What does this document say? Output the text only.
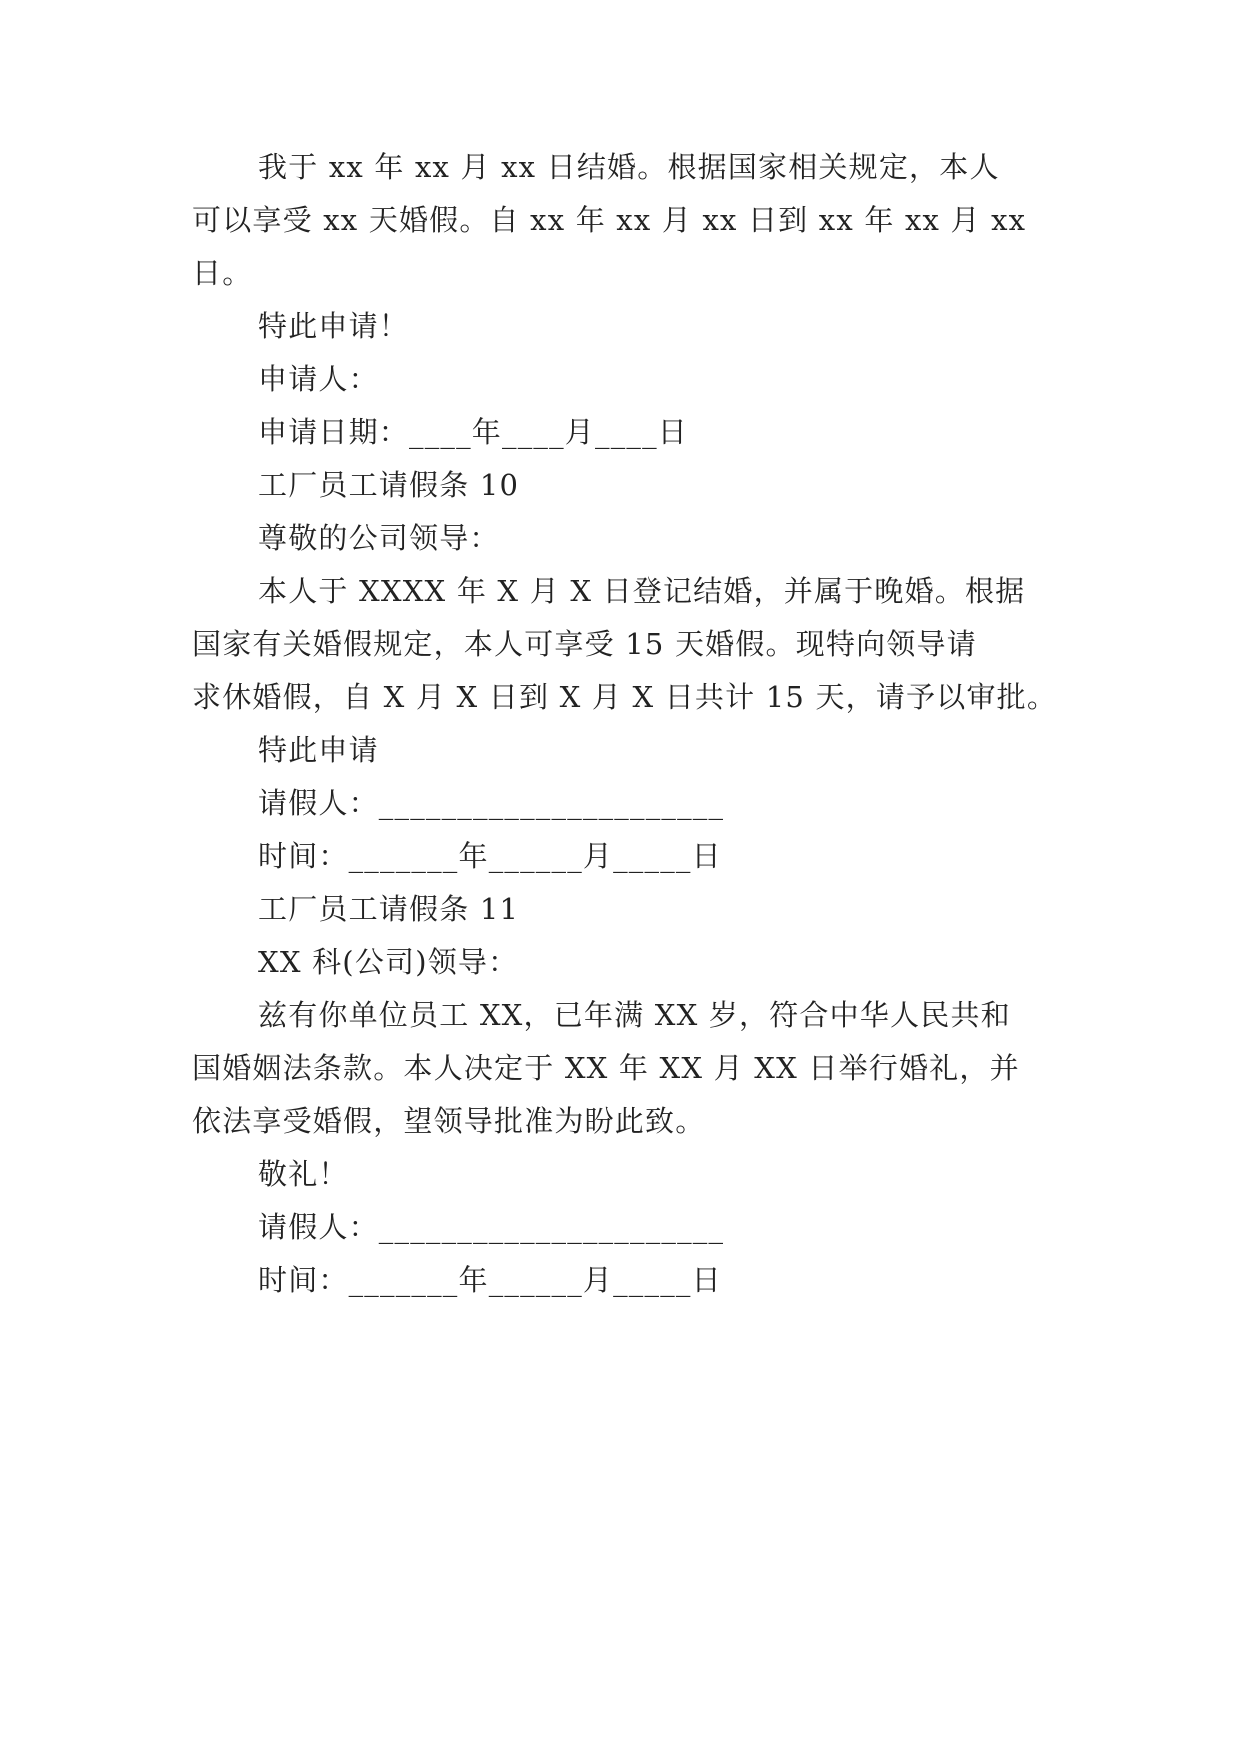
我于 xx 年 xx 月 xx 日结婚。根据国家相关规定，本人
可以享受 xx 天婚假。自 xx 年 xx 月 xx 日到 xx 年 xx 月 xx
日。
特此申请！
申请人：
申请日期：____年____月____日
工厂员工请假条 10
尊敬的公司领导：
本人于 XXXX 年 X 月 X 日登记结婚，并属于晚婚。根据
国家有关婚假规定，本人可享受 15 天婚假。现特向领导请
求休婚假，自 X 月 X 日到 X 月 X 日共计 15 天，请予以审批。
特此申请
请假人：______________________
时间：_______年______月_____日
工厂员工请假条 11
XX 科(公司)领导：
兹有你单位员工 XX，已年满 XX 岁，符合中华人民共和
国婚姻法条款。本人决定于 XX 年 XX 月 XX 日举行婚礼，并
依法享受婚假，望领导批准为盼此致。
敬礼！
请假人：______________________
时间：_______年______月_____日
